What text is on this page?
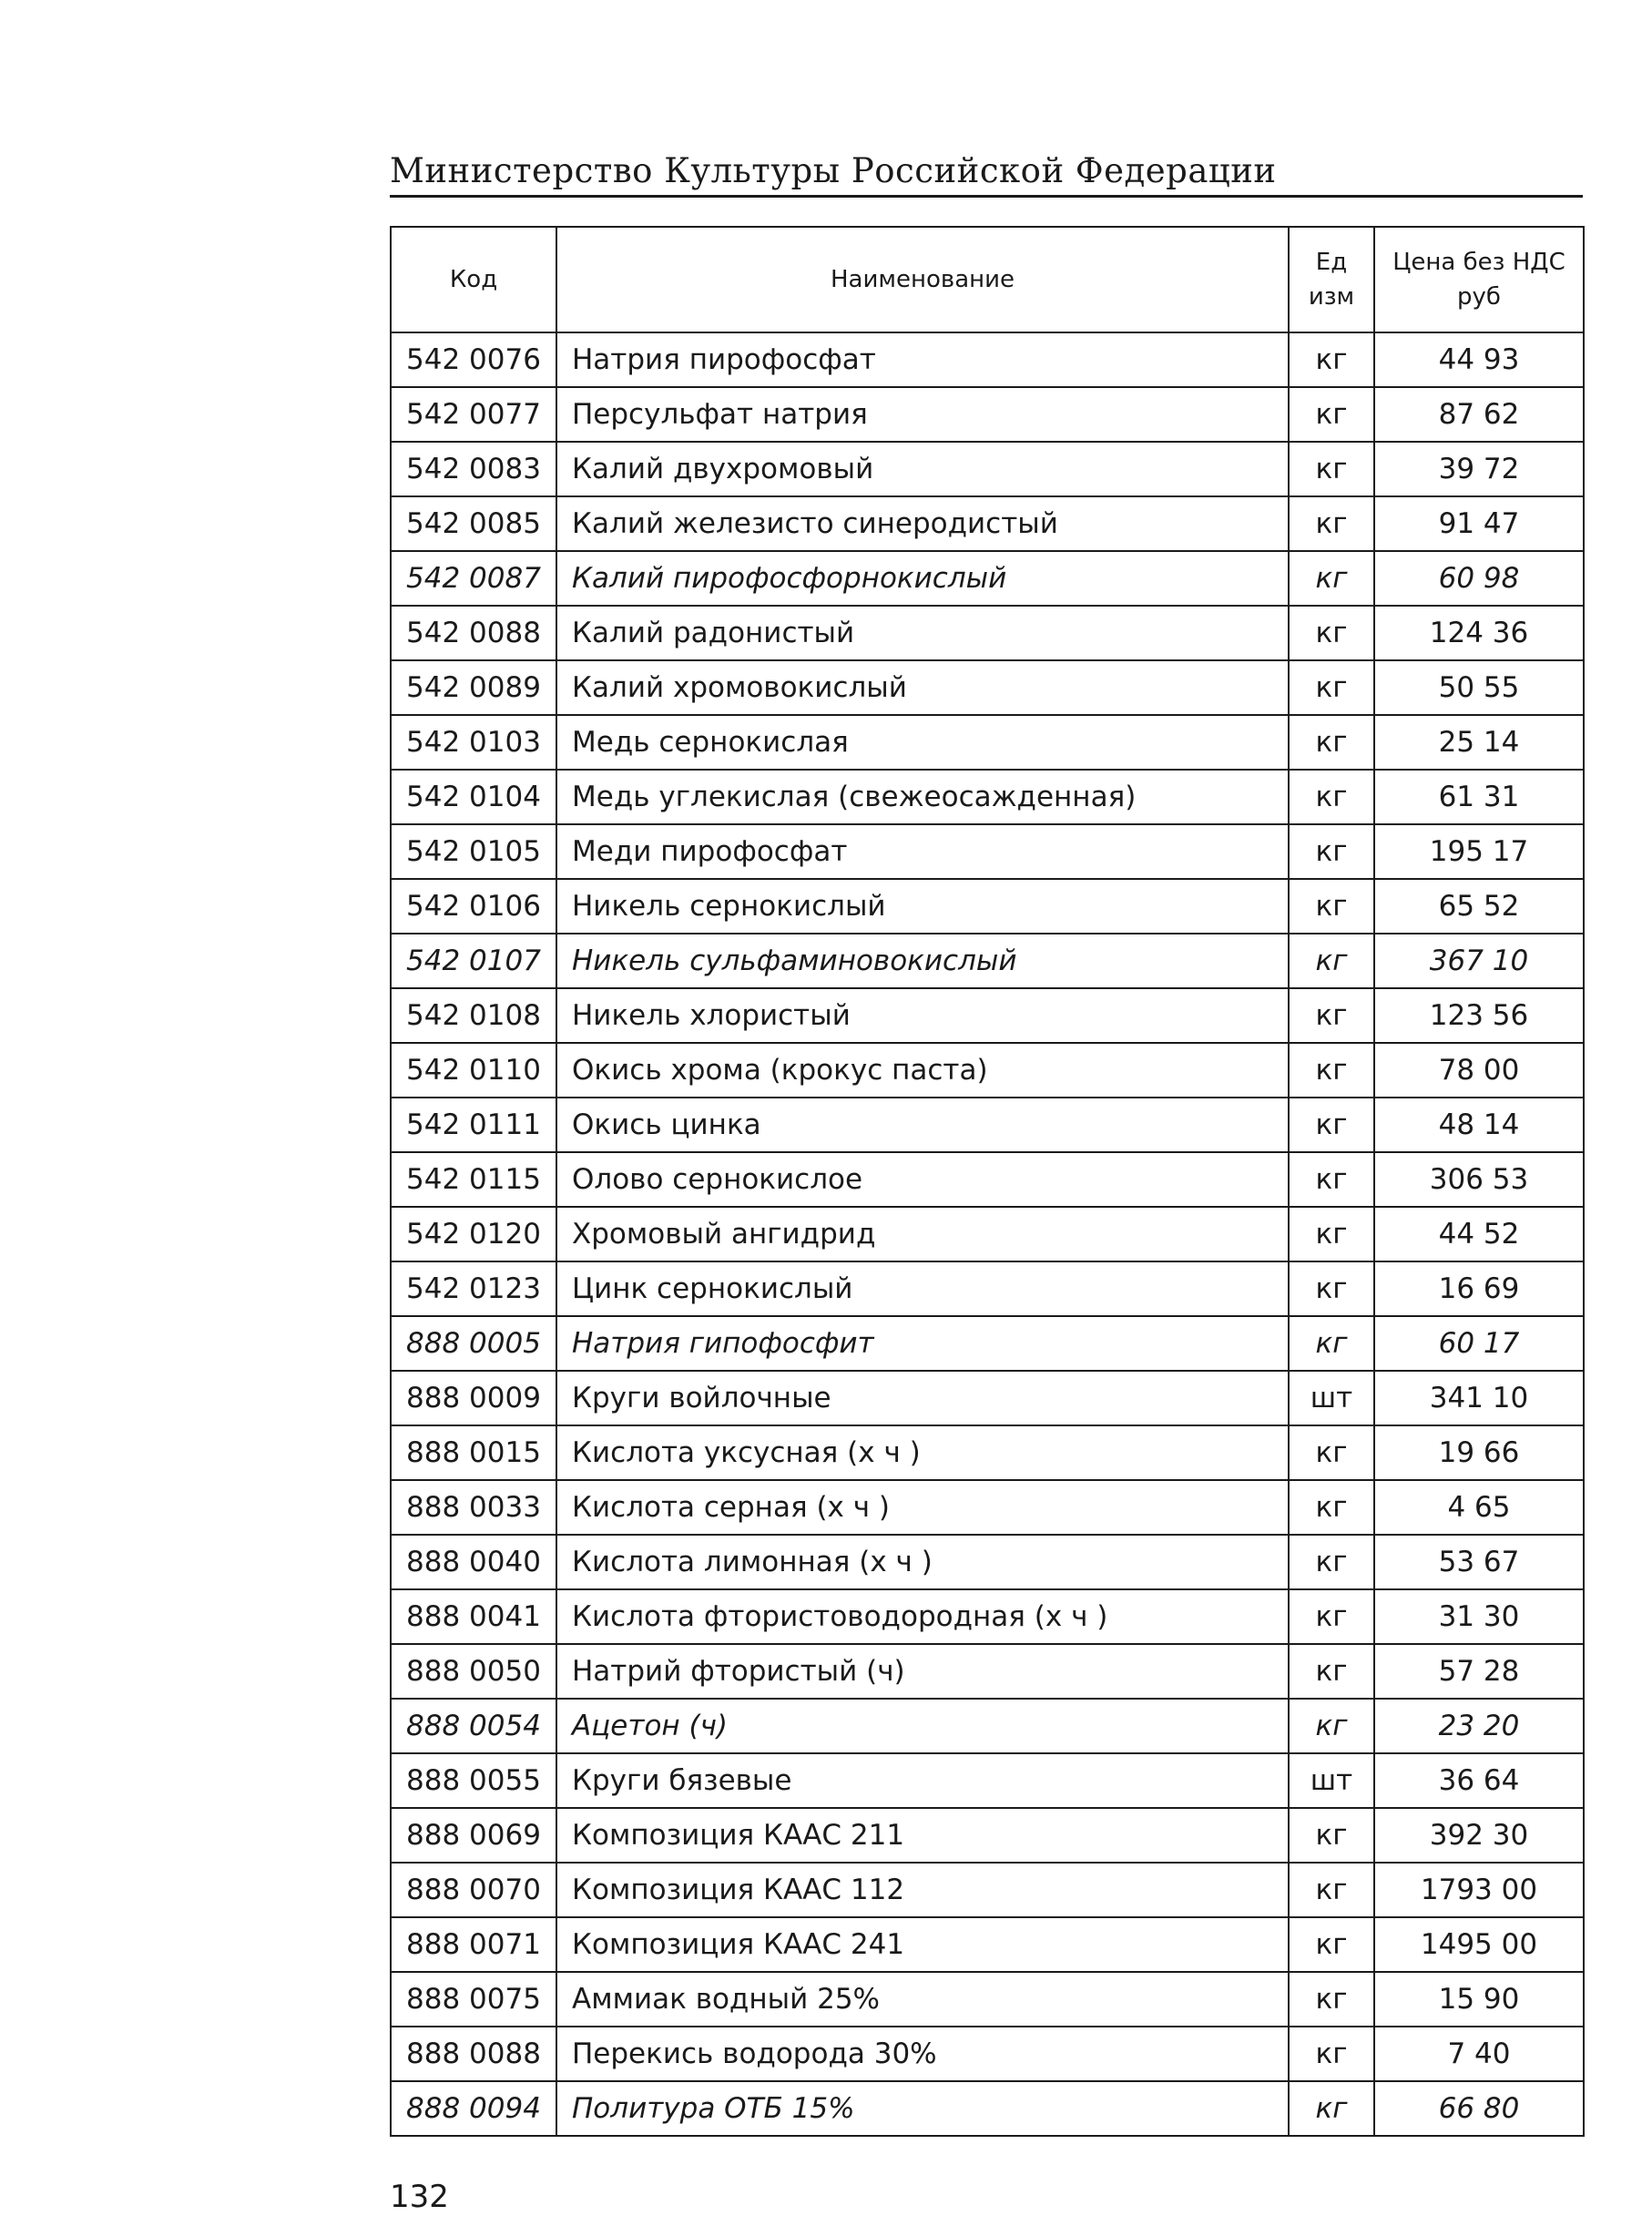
Министерство Культуры Российской Федерации
Код	Наименование	Ед изм	Цена без НДС руб
542 0076	Натрия пирофосфат	кг	44 93
542 0077	Персульфат натрия	кг	87 62
542 0083	Калий двухромовый	кг	39 72
542 0085	Калий железисто синеродистый	кг	91 47
542 0087	Калий пирофосфорнокислый	кг	60 98
542 0088	Калий радонистый	кг	124 36
542 0089	Калий хромовокислый	кг	50 55
542 0103	Медь сернокислая	кг	25 14
542 0104	Медь углекислая (свежеосажденная)	кг	61 31
542 0105	Меди пирофосфат	кг	195 17
542 0106	Никель сернокислый	кг	65 52
542 0107	Никель сульфаминовокислый	кг	367 10
542 0108	Никель хлористый	кг	123 56
542 0110	Окись хрома (крокус паста)	кг	78 00
542 0111	Окись цинка	кг	48 14
542 0115	Олово сернокислое	кг	306 53
542 0120	Хромовый ангидрид	кг	44 52
542 0123	Цинк сернокислый	кг	16 69
888 0005	Натрия гипофосфит	кг	60 17
888 0009	Круги войлочные	шт	341 10
888 0015	Кислота уксусная (х ч )	кг	19 66
888 0033	Кислота серная (х ч )	кг	4 65
888 0040	Кислота лимонная (х ч )	кг	53 67
888 0041	Кислота фтористоводородная (х ч )	кг	31 30
888 0050	Натрий фтористый (ч)	кг	57 28
888 0054	Ацетон (ч)	кг	23 20
888 0055	Круги бязевые	шт	36 64
888 0069	Композиция КААС 211	кг	392 30
888 0070	Композиция КААС 112	кг	1793 00
888 0071	Композиция КААС 241	кг	1495 00
888 0075	Аммиак водный 25%	кг	15 90
888 0088	Перекись водорода 30%	кг	7 40
888 0094	Политура ОТБ 15%	кг	66 80
132
